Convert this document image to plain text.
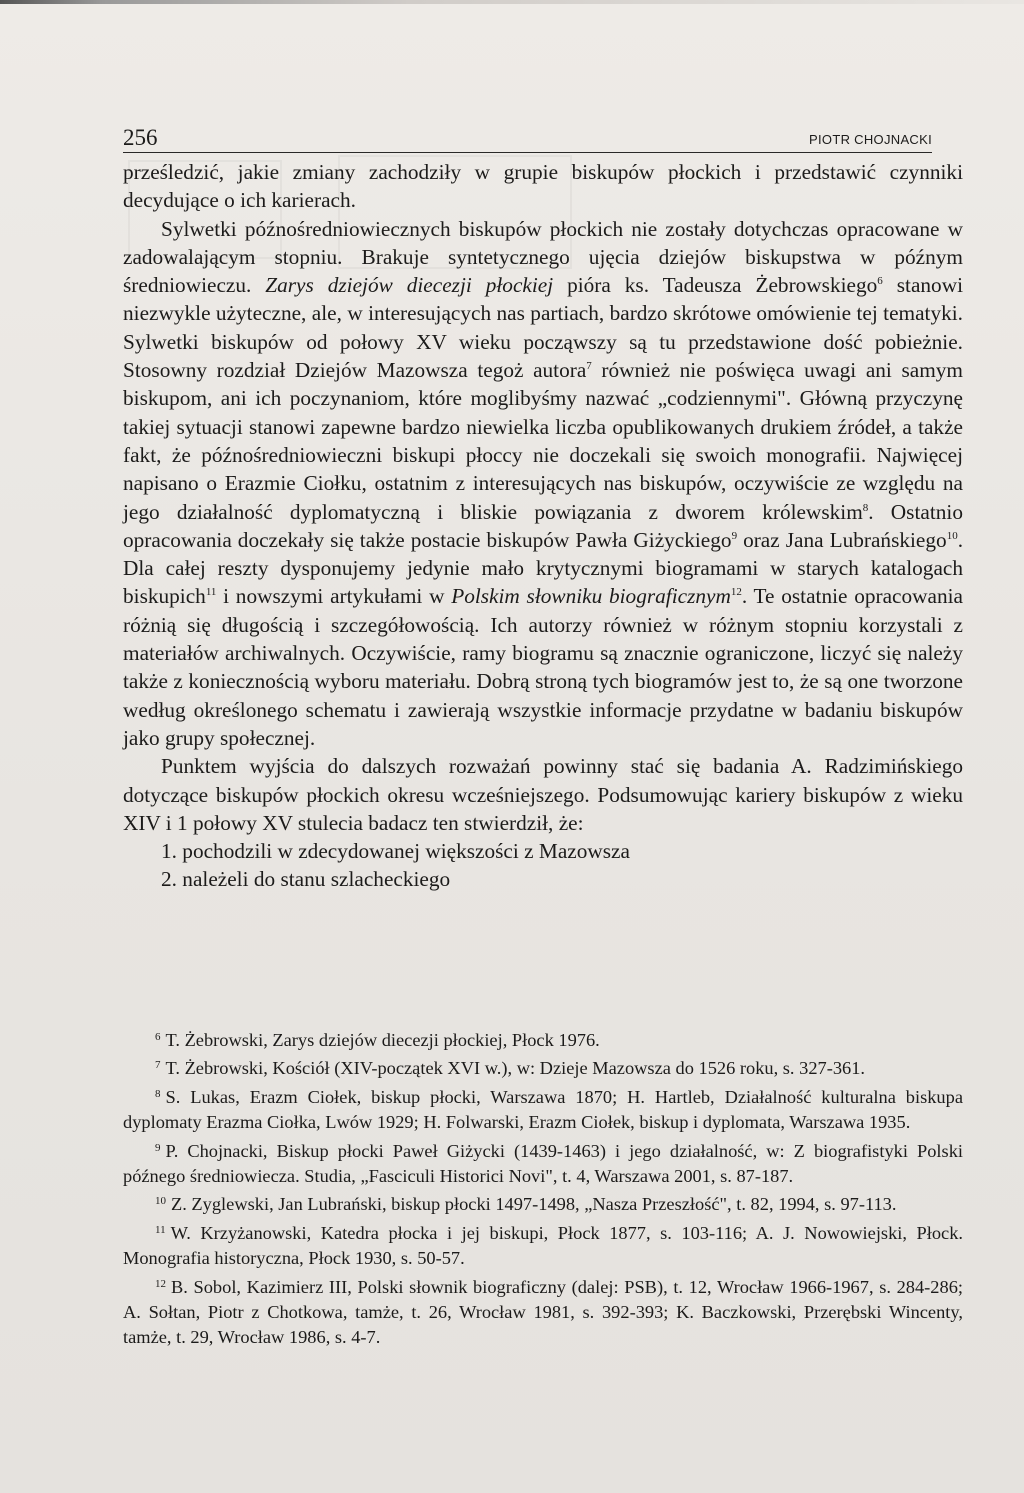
256	PIOTR CHOJNACKI

prześledzić, jakie zmiany zachodziły w grupie biskupów płockich i przedstawić czynniki decydujące o ich karierach.

Sylwetki późnośredniowiecznych biskupów płockich nie zostały dotychczas opracowane w zadowalającym stopniu. Brakuje syntetycznego ujęcia dziejów biskupstwa w późnym średniowieczu. Zarys dziejów diecezji płockiej pióra ks. Tadeusza Żebrowskiego$^6$ stanowi niezwykle użyteczne, ale, w interesujących nas partiach, bardzo skrótowe omówienie tej tematyki. Sylwetki biskupów od połowy XV wieku począwszy są tu przedstawione dość pobieżnie. Stosowny rozdział Dziejów Mazowsza tegoż autora$^7$ również nie poświęca uwagi ani samym biskupom, ani ich poczynaniom, które moglibyśmy nazwać „codziennymi". Główną przyczynę takiej sytuacji stanowi zapewne bardzo niewielka liczba opublikowanych drukiem źródeł, a także fakt, że późnośredniowieczni biskupi płoccy nie doczekali się swoich monografii. Najwięcej napisano o Erazmie Ciołku, ostatnim z interesujących nas biskupów, oczywiście ze względu na jego działalność dyplomatyczną i bliskie powiązania z dworem królewskim$^8$. Ostatnio opracowania doczekały się także postacie biskupów Pawła Giżyckiego$^9$ oraz Jana Lubrańskiego$^{10}$. Dla całej reszty dysponujemy jedynie mało krytycznymi biogramami w starych katalogach biskupich$^{11}$ i nowszymi artykułami w Polskim słowniku biograficznym$^{12}$. Te ostatnie opracowania różnią się długością i szczegółowością. Ich autorzy również w różnym stopniu korzystali z materiałów archiwalnych. Oczywiście, ramy biogramu są znacznie ograniczone, liczyć się należy także z koniecznością wyboru materiału. Dobrą stroną tych biogramów jest to, że są one tworzone według określonego schematu i zawierają wszystkie informacje przydatne w badaniu biskupów jako grupy społecznej.

Punktem wyjścia do dalszych rozważań powinny stać się badania A. Radzimińskiego dotyczące biskupów płockich okresu wcześniejszego. Podsumowując kariery biskupów z wieku XIV i 1 połowy XV stulecia badacz ten stwierdził, że:

1. pochodzili w zdecydowanej większości z Mazowsza
2. należeli do stanu szlacheckiego

$^6$ T. Żebrowski, Zarys dziejów diecezji płockiej, Płock 1976.

$^7$ T. Żebrowski, Kościół (XIV-początek XVI w.), w: Dzieje Mazowsza do 1526 roku, s. 327-361.

$^8$ S. Lukas, Erazm Ciołek, biskup płocki, Warszawa 1870; H. Hartleb, Działalność kulturalna biskupa dyplomaty Erazma Ciołka, Lwów 1929; H. Folwarski, Erazm Ciołek, biskup i dyplomata, Warszawa 1935.

$^9$ P. Chojnacki, Biskup płocki Paweł Giżycki (1439-1463) i jego działalność, w: Z biografistyki Polski późnego średniowiecza. Studia, „Fasciculi Historici Novi", t. 4, Warszawa 2001, s. 87-187.

$^{10}$ Z. Zyglewski, Jan Lubrański, biskup płocki 1497-1498, „Nasza Przeszłość", t. 82, 1994, s. 97-113.

$^{11}$ W. Krzyżanowski, Katedra płocka i jej biskupi, Płock 1877, s. 103-116; A. J. Nowowiejski, Płock. Monografia historyczna, Płock 1930, s. 50-57.

$^{12}$ B. Sobol, Kazimierz III, Polski słownik biograficzny (dalej: PSB), t. 12, Wrocław 1966-1967, s. 284-286; A. Sołtan, Piotr z Chotkowa, tamże, t. 26, Wrocław 1981, s. 392-393; K. Baczkowski, Przerębski Wincenty, tamże, t. 29, Wrocław 1986, s. 4-7.
